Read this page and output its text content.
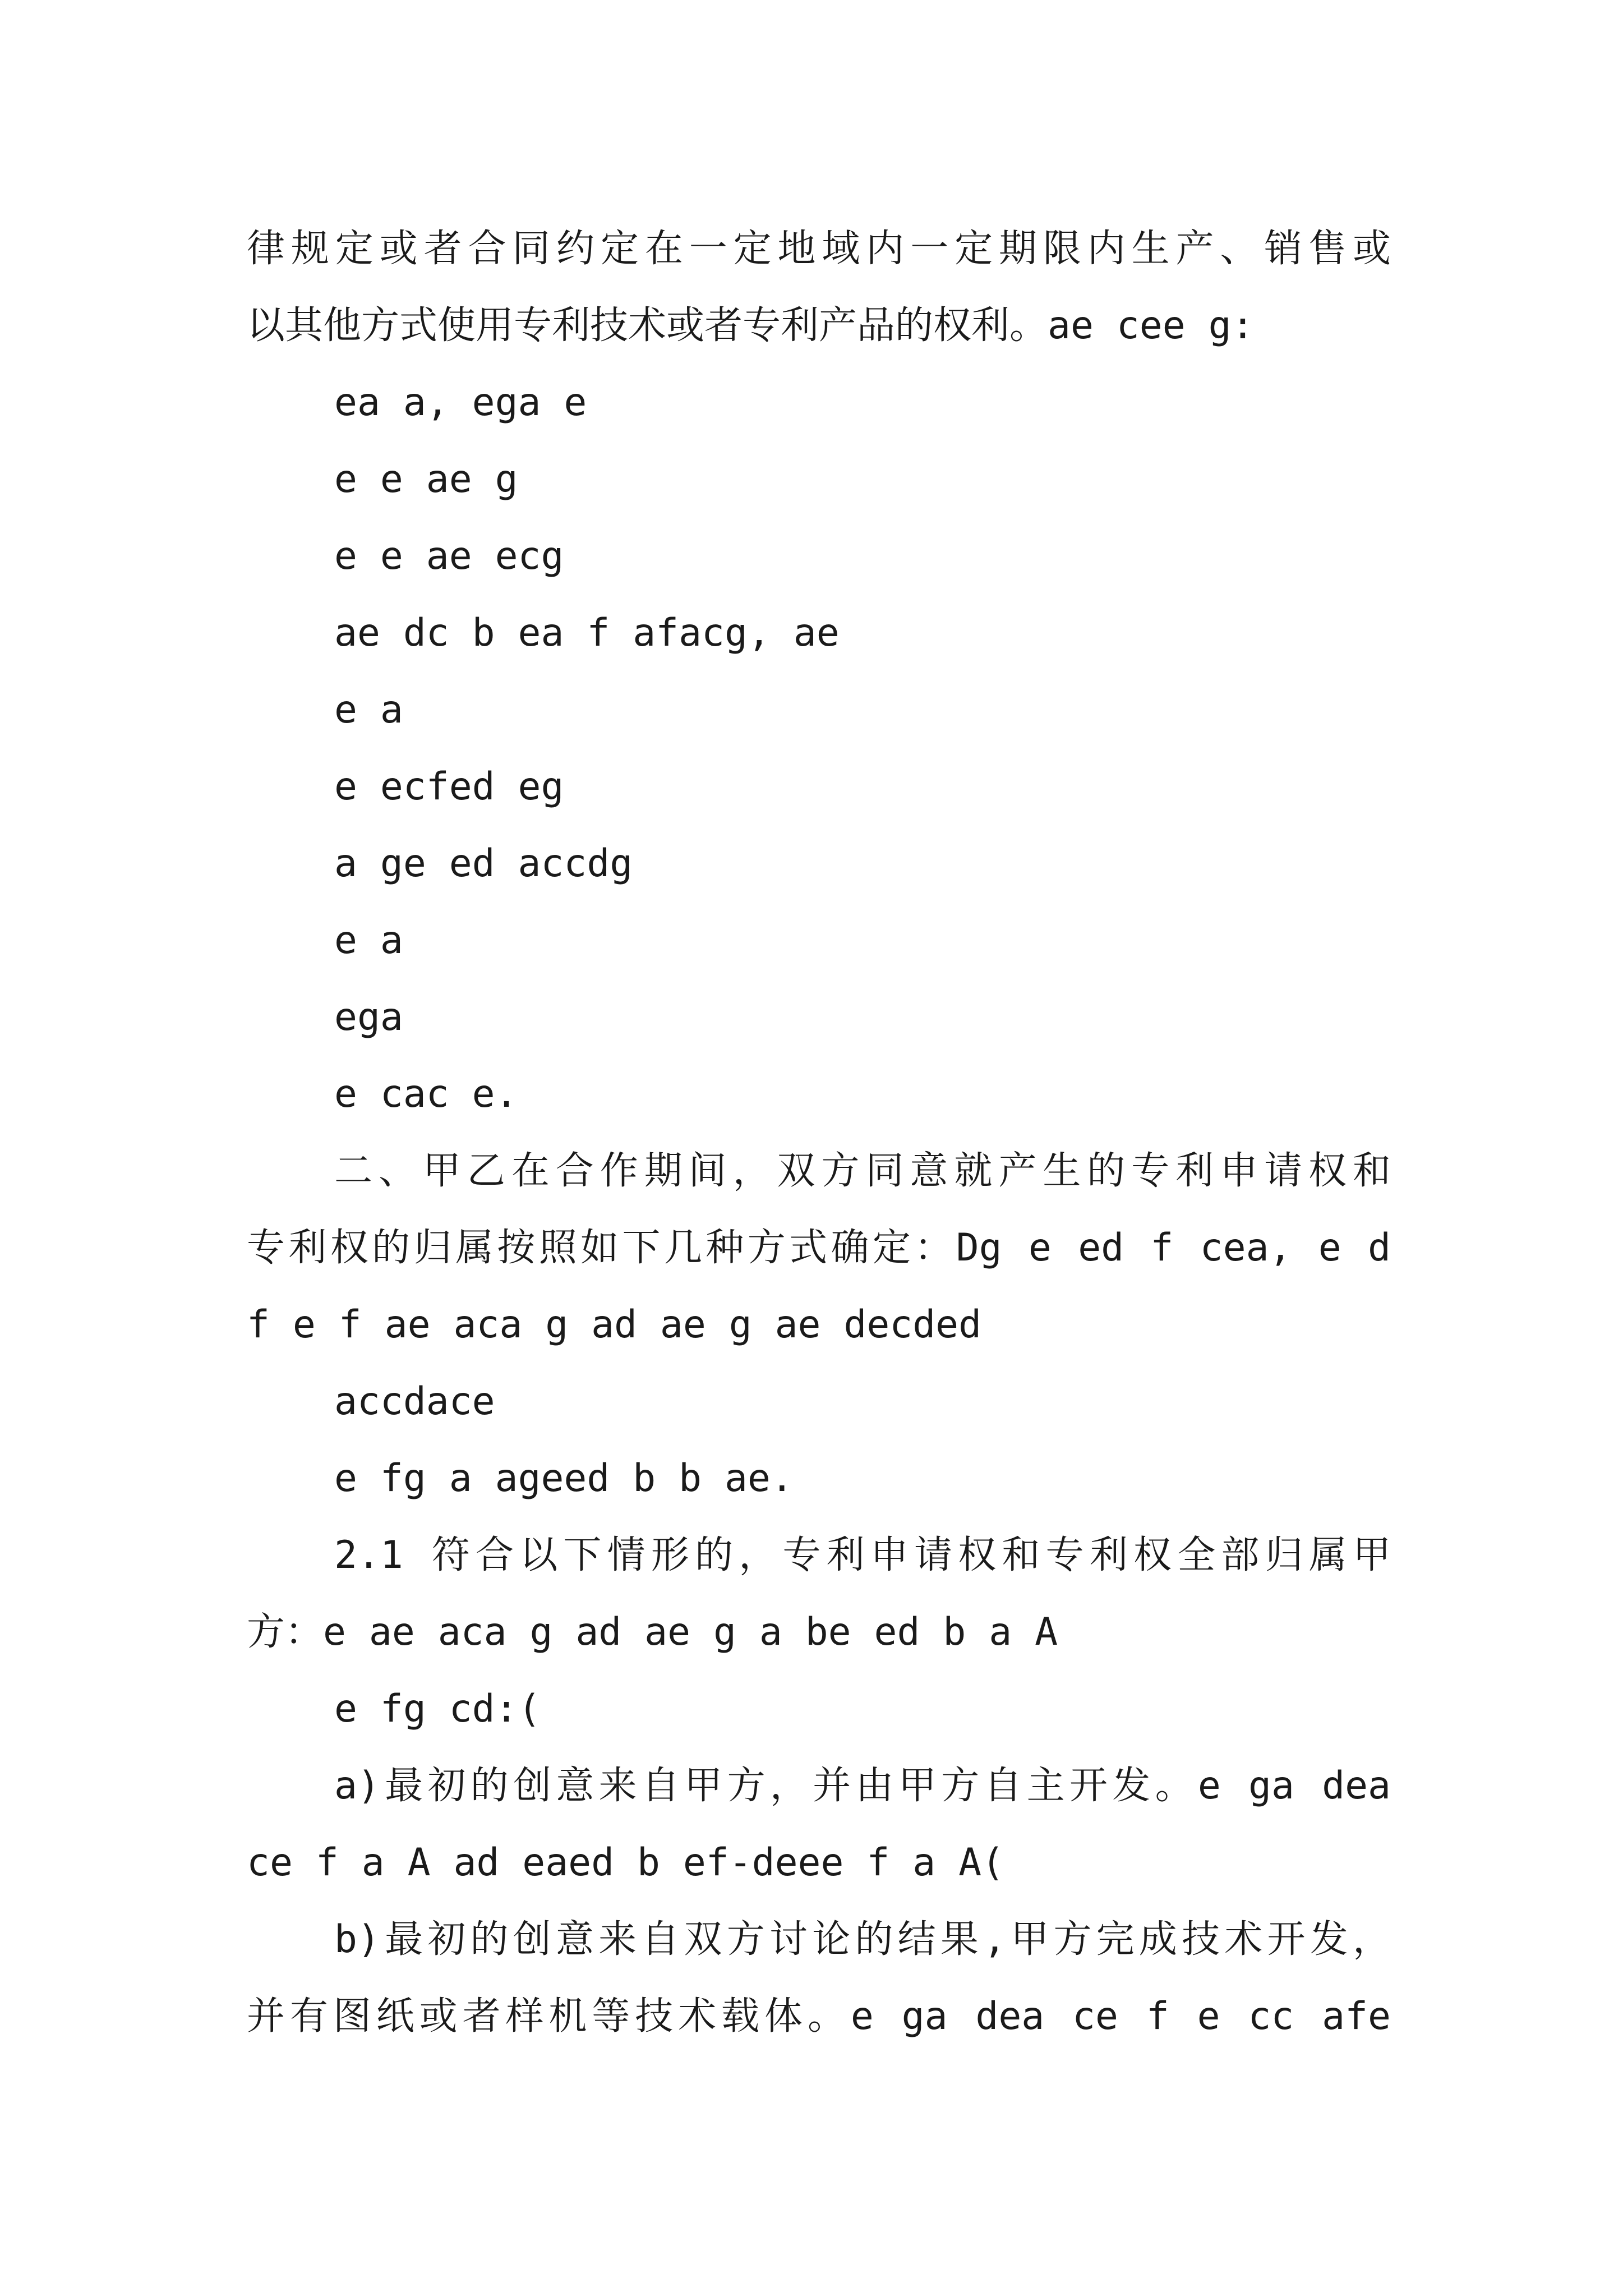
律规定或者合同约定在一定地域内一定期限内生产、销售或
以其他方式使用专利技术或者专利产品的权利。ae cee g:
ea a, ega e
e e ae g
e e ae ecg
ae dc b ea f afacg, ae
e a
e ecfed eg
a ge ed accdg
e a
ega
e cac e.
二、甲乙在合作期间，双方同意就产生的专利申请权和
专利权的归属按照如下几种方式确定：Dg e ed f cea, e d
f e f ae aca g ad ae g ae decded
accdace
e fg a ageed b b ae.
2.1 符合以下情形的，专利申请权和专利权全部归属甲
方：e ae aca g ad ae g a be ed b a A
e fg cd:(
a)最初的创意来自甲方，并由甲方自主开发。e ga dea
ce f a A ad eaed b ef-deee f a A(
b)最初的创意来自双方讨论的结果,甲方完成技术开发，
并有图纸或者样机等技术载体。e ga dea ce f e cc afe
